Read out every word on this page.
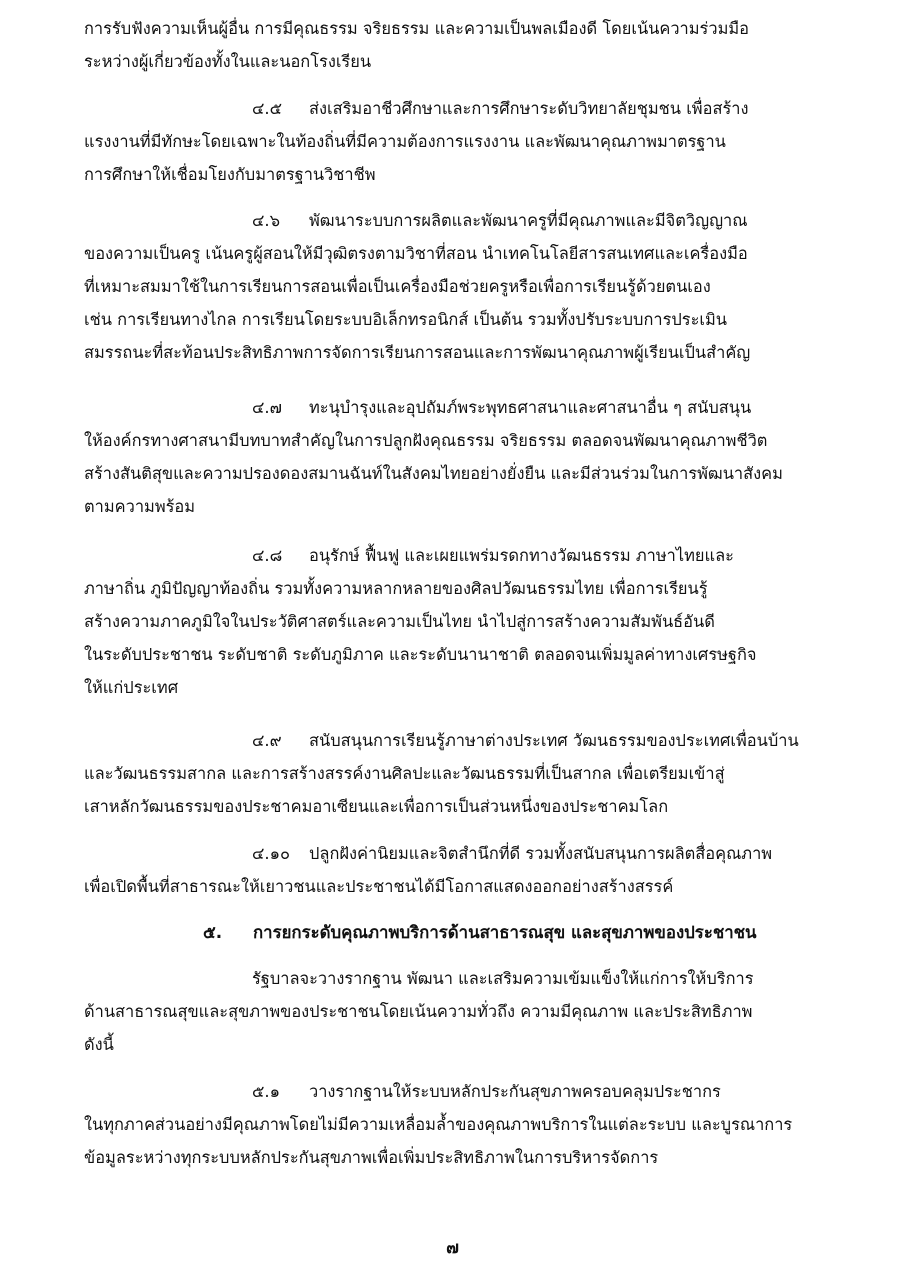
การรับฟังความเห็นผู้อื่น การมีคุณธรรม จริยธรรม และความเป็นพลเมืองดี โดยเน้นความร่วมมือ
ระหว่างผู้เกี่ยวข้องทั้งในและนอกโรงเรียน
๔.๕ ส่งเสริมอาชีวศึกษาและการศึกษาระดับวิทยาลัยชุมชน เพื่อสร้าง
แรงงานที่มีทักษะโดยเฉพาะในท้องถิ่นที่มีความต้องการแรงงาน และพัฒนาคุณภาพมาตรฐาน
การศึกษาให้เชื่อมโยงกับมาตรฐานวิชาชีพ
๔.๖ พัฒนาระบบการผลิตและพัฒนาครูที่มีคุณภาพและมีจิตวิญญาณ
ของความเป็นครู เน้นครูผู้สอนให้มีวุฒิตรงตามวิชาที่สอน นำเทคโนโลยีสารสนเทศและเครื่องมือ
ที่เหมาะสมมาใช้ในการเรียนการสอนเพื่อเป็นเครื่องมือช่วยครูหรือเพื่อการเรียนรู้ด้วยตนเอง
เช่น การเรียนทางไกล การเรียนโดยระบบอิเล็กทรอนิกส์ เป็นต้น รวมทั้งปรับระบบการประเมิน
สมรรถนะที่สะท้อนประสิทธิภาพการจัดการเรียนการสอนและการพัฒนาคุณภาพผู้เรียนเป็นสำคัญ
๔.๗ ทะนุบำรุงและอุปถัมภ์พระพุทธศาสนาและศาสนาอื่น ๆ สนับสนุน
ให้องค์กรทางศาสนามีบทบาทสำคัญในการปลูกฝังคุณธรรม จริยธรรม ตลอดจนพัฒนาคุณภาพชีวิต
สร้างสันติสุขและความปรองดองสมานฉันท์ในสังคมไทยอย่างยั่งยืน และมีส่วนร่วมในการพัฒนาสังคม
ตามความพร้อม
๔.๘ อนุรักษ์ ฟื้นฟู และเผยแพร่มรดกทางวัฒนธรรม ภาษาไทยและ
ภาษาถิ่น ภูมิปัญญาท้องถิ่น รวมทั้งความหลากหลายของศิลปวัฒนธรรมไทย เพื่อการเรียนรู้
สร้างความภาคภูมิใจในประวัติศาสตร์และความเป็นไทย นำไปสู่การสร้างความสัมพันธ์อันดี
ในระดับประชาชน ระดับชาติ ระดับภูมิภาค และระดับนานาชาติ ตลอดจนเพิ่มมูลค่าทางเศรษฐกิจ
ให้แก่ประเทศ
๔.๙ สนับสนุนการเรียนรู้ภาษาต่างประเทศ วัฒนธรรมของประเทศเพื่อนบ้าน
และวัฒนธรรมสากล และการสร้างสรรค์งานศิลปะและวัฒนธรรมที่เป็นสากล เพื่อเตรียมเข้าสู่
เสาหลักวัฒนธรรมของประชาคมอาเซียนและเพื่อการเป็นส่วนหนึ่งของประชาคมโลก
๔.๑๐ ปลูกฝังค่านิยมและจิตสำนึกที่ดี รวมทั้งสนับสนุนการผลิตสื่อคุณภาพ
เพื่อเปิดพื้นที่สาธารณะให้เยาวชนและประชาชนได้มีโอกาสแสดงออกอย่างสร้างสรรค์
๕. การยกระดับคุณภาพบริการด้านสาธารณสุข และสุขภาพของประชาชน
รัฐบาลจะวางรากฐาน พัฒนา และเสริมความเข้มแข็งให้แก่การให้บริการ
ด้านสาธารณสุขและสุขภาพของประชาชนโดยเน้นความทั่วถึง ความมีคุณภาพ และประสิทธิภาพ
ดังนี้
๕.๑ วางรากฐานให้ระบบหลักประกันสุขภาพครอบคลุมประชากร
ในทุกภาคส่วนอย่างมีคุณภาพโดยไม่มีความเหลื่อมล้ำของคุณภาพบริการในแต่ละระบบ และบูรณาการ
ข้อมูลระหว่างทุกระบบหลักประกันสุขภาพเพื่อเพิ่มประสิทธิภาพในการบริหารจัดการ
๗
